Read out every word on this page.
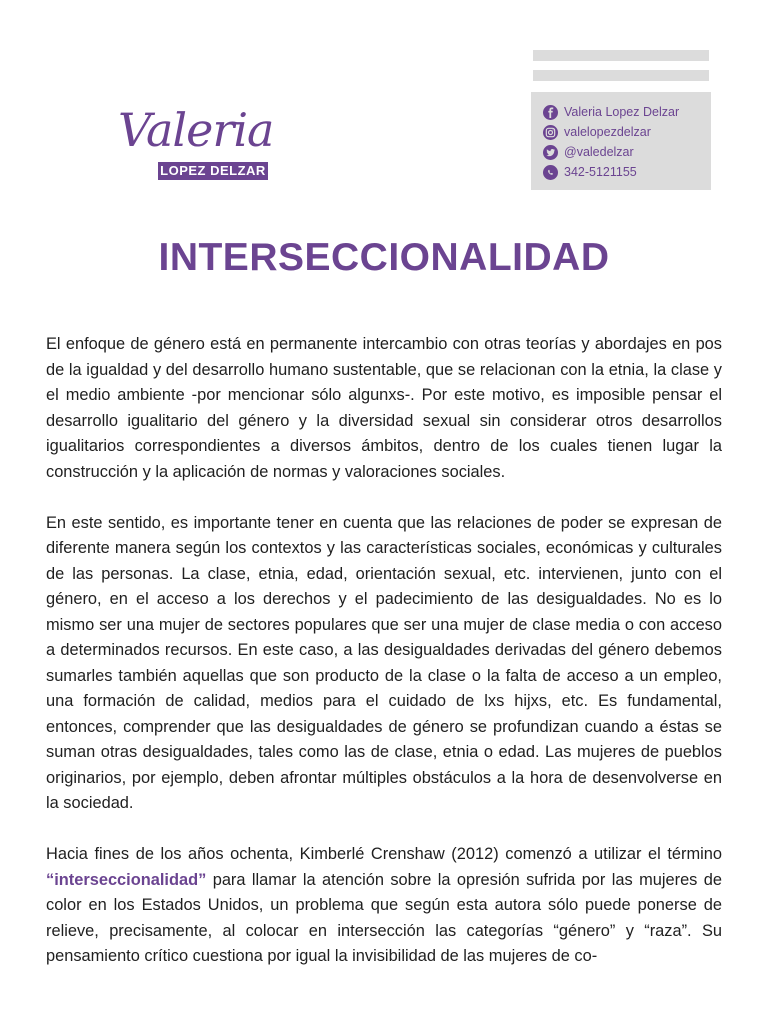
Valeria
LOPEZ DELZAR
Valeria Lopez Delzar
valelopezdelzar
@valedelzar
342-5121155
INTERSECCIONALIDAD

El enfoque de género está en permanente intercambio con otras teorías y abordajes en pos de la igualdad y del desarrollo humano sustentable, que se relacionan con la etnia, la clase y el medio ambiente -por mencionar sólo algunxs-. Por este motivo, es imposible pensar el desarrollo igualitario del género y la diversidad sexual sin considerar otros desarrollos igualitarios correspondientes a diversos ámbitos, dentro de los cuales tienen lugar la construcción y la aplicación de normas y valoraciones sociales.

En este sentido, es importante tener en cuenta que las relaciones de poder se expresan de diferente manera según los contextos y las características sociales, económicas y culturales de las personas. La clase, etnia, edad, orientación sexual, etc. intervienen, junto con el género, en el acceso a los derechos y el padecimiento de las desigualdades. No es lo mismo ser una mujer de sectores populares que ser una mujer de clase media o con acceso a determinados recursos. En este caso, a las desigualdades derivadas del género debemos sumarles también aquellas que son producto de la clase o la falta de acceso a un empleo, una formación de calidad, medios para el cuidado de lxs hijxs, etc. Es fundamental, entonces, comprender que las desigualdades de género se profundizan cuando a éstas se suman otras desigualdades, tales como las de clase, etnia o edad. Las mujeres de pueblos originarios, por ejemplo, deben afrontar múltiples obstáculos a la hora de desenvolverse en la sociedad.

Hacia fines de los años ochenta, Kimberlé Crenshaw (2012) comenzó a utilizar el término “interseccionalidad” para llamar la atención sobre la opresión sufrida por las mujeres de color en los Estados Unidos, un problema que según esta autora sólo puede ponerse de relieve, precisamente, al colocar en intersección las categorías “género” y “raza”. Su pensamiento crítico cuestiona por igual la invisibilidad de las mujeres de co-
